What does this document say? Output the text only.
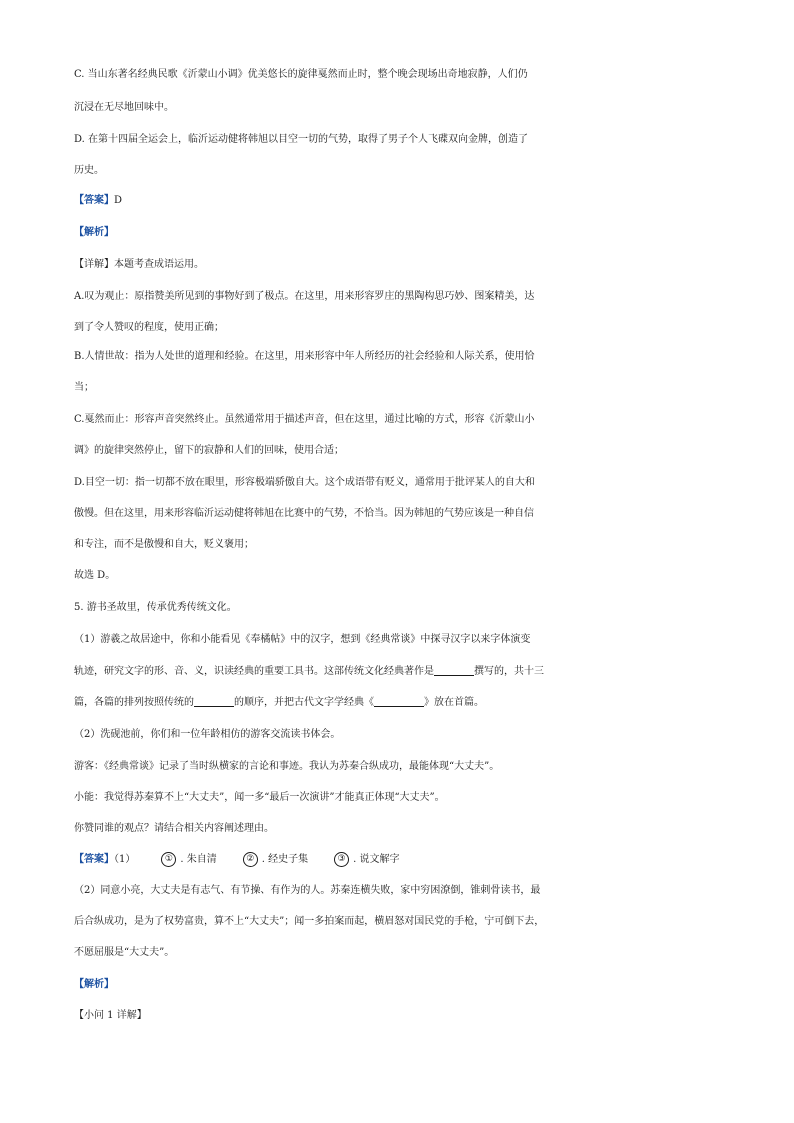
C. 当山东著名经典民歌《沂蒙山小调》优美悠长的旋律戛然而止时，整个晚会现场出奇地寂静，人们仍
沉浸在无尽地回味中。
D. 在第十四届全运会上，临沂运动健将韩旭以目空一切的气势，取得了男子个人飞碟双向金牌，创造了
历史。
【答案】D
【解析】
【详解】本题考查成语运用。
A.叹为观止：原指赞美所见到的事物好到了极点。在这里，用来形容罗庄的黑陶构思巧妙、图案精美，达
到了令人赞叹的程度，使用正确；
B.人情世故：指为人处世的道理和经验。在这里，用来形容中年人所经历的社会经验和人际关系，使用恰
当；
C.戛然而止：形容声音突然终止。虽然通常用于描述声音，但在这里，通过比喻的方式，形容《沂蒙山小
调》的旋律突然停止，留下的寂静和人们的回味，使用合适；
D.目空一切：指一切都不放在眼里，形容极端骄傲自大。这个成语带有贬义，通常用于批评某人的自大和
傲慢。但在这里，用来形容临沂运动健将韩旭在比赛中的气势，不恰当。因为韩旭的气势应该是一种自信
和专注，而不是傲慢和自大，贬义褒用；
故选 D。
5. 游书圣故里，传承优秀传统文化。
（1）游羲之故居途中，你和小能看见《奉橘帖》中的汉字，想到《经典常谈》中探寻汉字以来字体演变
轨迹，研究文字的形、音、义，识读经典的重要工具书。这部传统文化经典著作是	撰写的，共十三
篇，各篇的排列按照传统的	的顺序，并把古代文字学经典《	》放在首篇。
（2）洗砚池前，你们和一位年龄相仿的游客交流读书体会。
游客：《经典常谈》记录了当时纵横家的言论和事迹。我认为苏秦合纵成功，最能体现“大丈夫”。
小能：我觉得苏秦算不上“大丈夫”，闻一多“最后一次演讲”才能真正体现“大丈夫”。
你赞同谁的观点？请结合相关内容阐述理由。
【答案】（1）	① . 朱自清	② . 经史子集	③ . 说文解字
（2）同意小亮，大丈夫是有志气、有节操、有作为的人。苏秦连横失败，家中穷困潦倒，锥刺骨读书，最
后合纵成功，是为了权势富贵，算不上“大丈夫”；闻一多拍案而起，横眉怒对国民党的手枪，宁可倒下去，
不愿屈服是“大丈夫”。
【解析】
【小问 1 详解】
